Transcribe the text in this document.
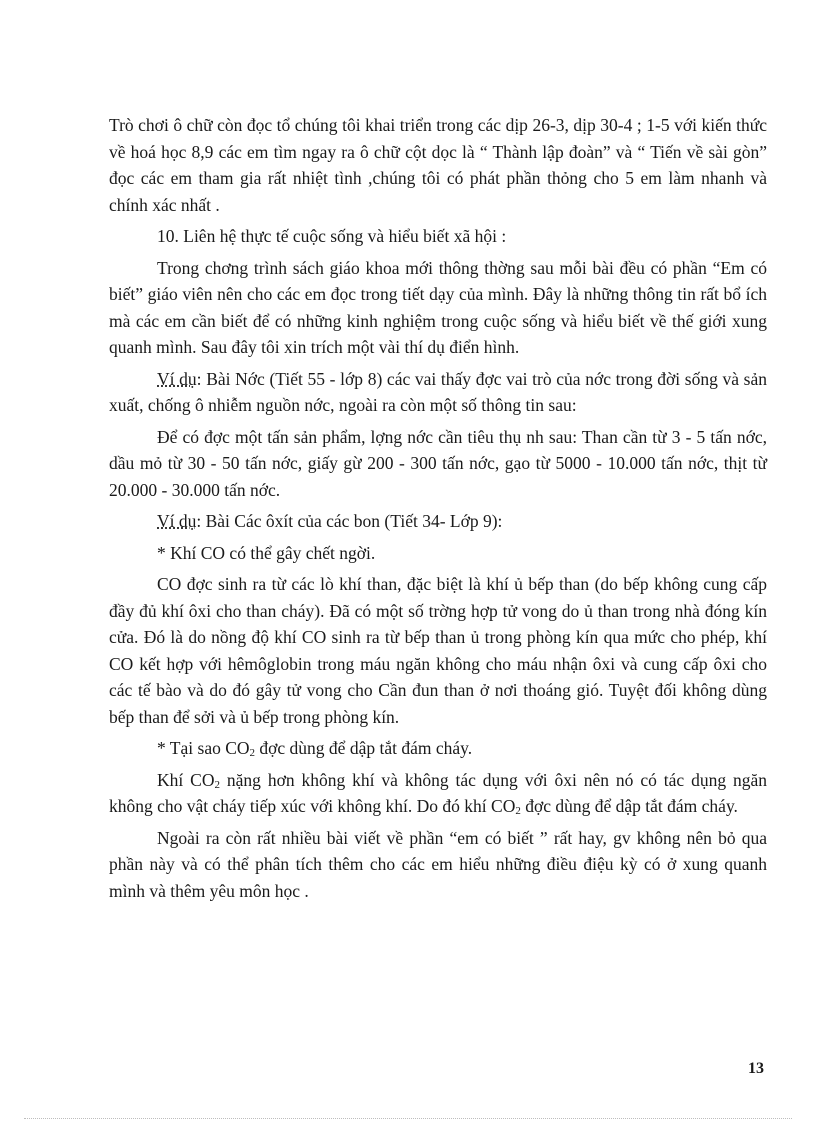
Trò chơi ô chữ còn đọc tổ chúng tôi khai triển trong các dịp 26-3, dịp 30-4 ; 1-5 với kiến thức về hoá học 8,9 các em tìm ngay ra ô chữ cột dọc là “ Thành lập đoàn” và “ Tiến về sài gòn” đọc các em tham gia rất nhiệt tình ,chúng tôi có phát phần thỏng cho 5 em làm nhanh và chính xác nhất .

10. Liên hệ thực tế cuộc sống và hiểu biết xã hội :

Trong chơng trình sách giáo khoa mới thông thờng sau mỗi bài đều có phần “Em có biết” giáo viên nên cho các em đọc trong tiết dạy của mình. Đây là những thông tin rất bổ ích mà các em cần biết để có những kinh nghiệm trong cuộc sống và hiểu biết về thế giới xung quanh mình. Sau đây tôi xin trích một vài thí dụ điển hình.

Ví dụ: Bài Nớc (Tiết 55 - lớp 8) các vai thấy đợc vai trò của nớc trong đời sống và sản xuất, chống ô nhiễm nguồn nớc, ngoài ra còn một số thông tin sau:

Để có đợc một tấn sản phẩm, lợng nớc cần tiêu thụ nh sau: Than cần từ 3 - 5 tấn nớc, dầu mỏ từ 30 - 50 tấn nớc, giấy gừ 200 - 300 tấn nớc, gạo từ 5000 - 10.000 tấn nớc, thịt từ 20.000 - 30.000 tấn nớc.

Ví dụ: Bài Các ôxít của các bon (Tiết 34- Lớp 9):

* Khí CO có thể gây chết ngời.

CO đợc sinh ra từ các lò khí than, đặc biệt là khí ủ bếp than (do bếp không cung cấp đầy đủ khí ôxi cho than cháy). Đã có một số trờng hợp tử vong do ủ than trong nhà đóng kín cửa. Đó là do nồng độ khí CO sinh ra từ bếp than ủ trong phòng kín qua mức cho phép, khí CO kết hợp với hêmôglobin trong máu ngăn không cho máu nhận ôxi và cung cấp ôxi cho các tế bào và do đó gây tử vong cho Cần đun than ở nơi thoáng gió. Tuyệt đối không dùng bếp than để sởi và ủ bếp trong phòng kín.

* Tại sao $CO_2$ đợc dùng để dập tắt đám cháy.

Khí $CO_2$ nặng hơn không khí và không tác dụng với ôxi nên nó có tác dụng ngăn không cho vật cháy tiếp xúc với không khí. Do đó khí $CO_2$ đợc dùng để dập tắt đám cháy.

Ngoài ra còn rất nhiều bài viết về phần “em có biết ” rất hay, gv không nên bỏ qua phần này và có thể phân tích thêm cho các em hiểu những điều điệu kỳ có ở xung quanh mình và thêm yêu môn học .

13
